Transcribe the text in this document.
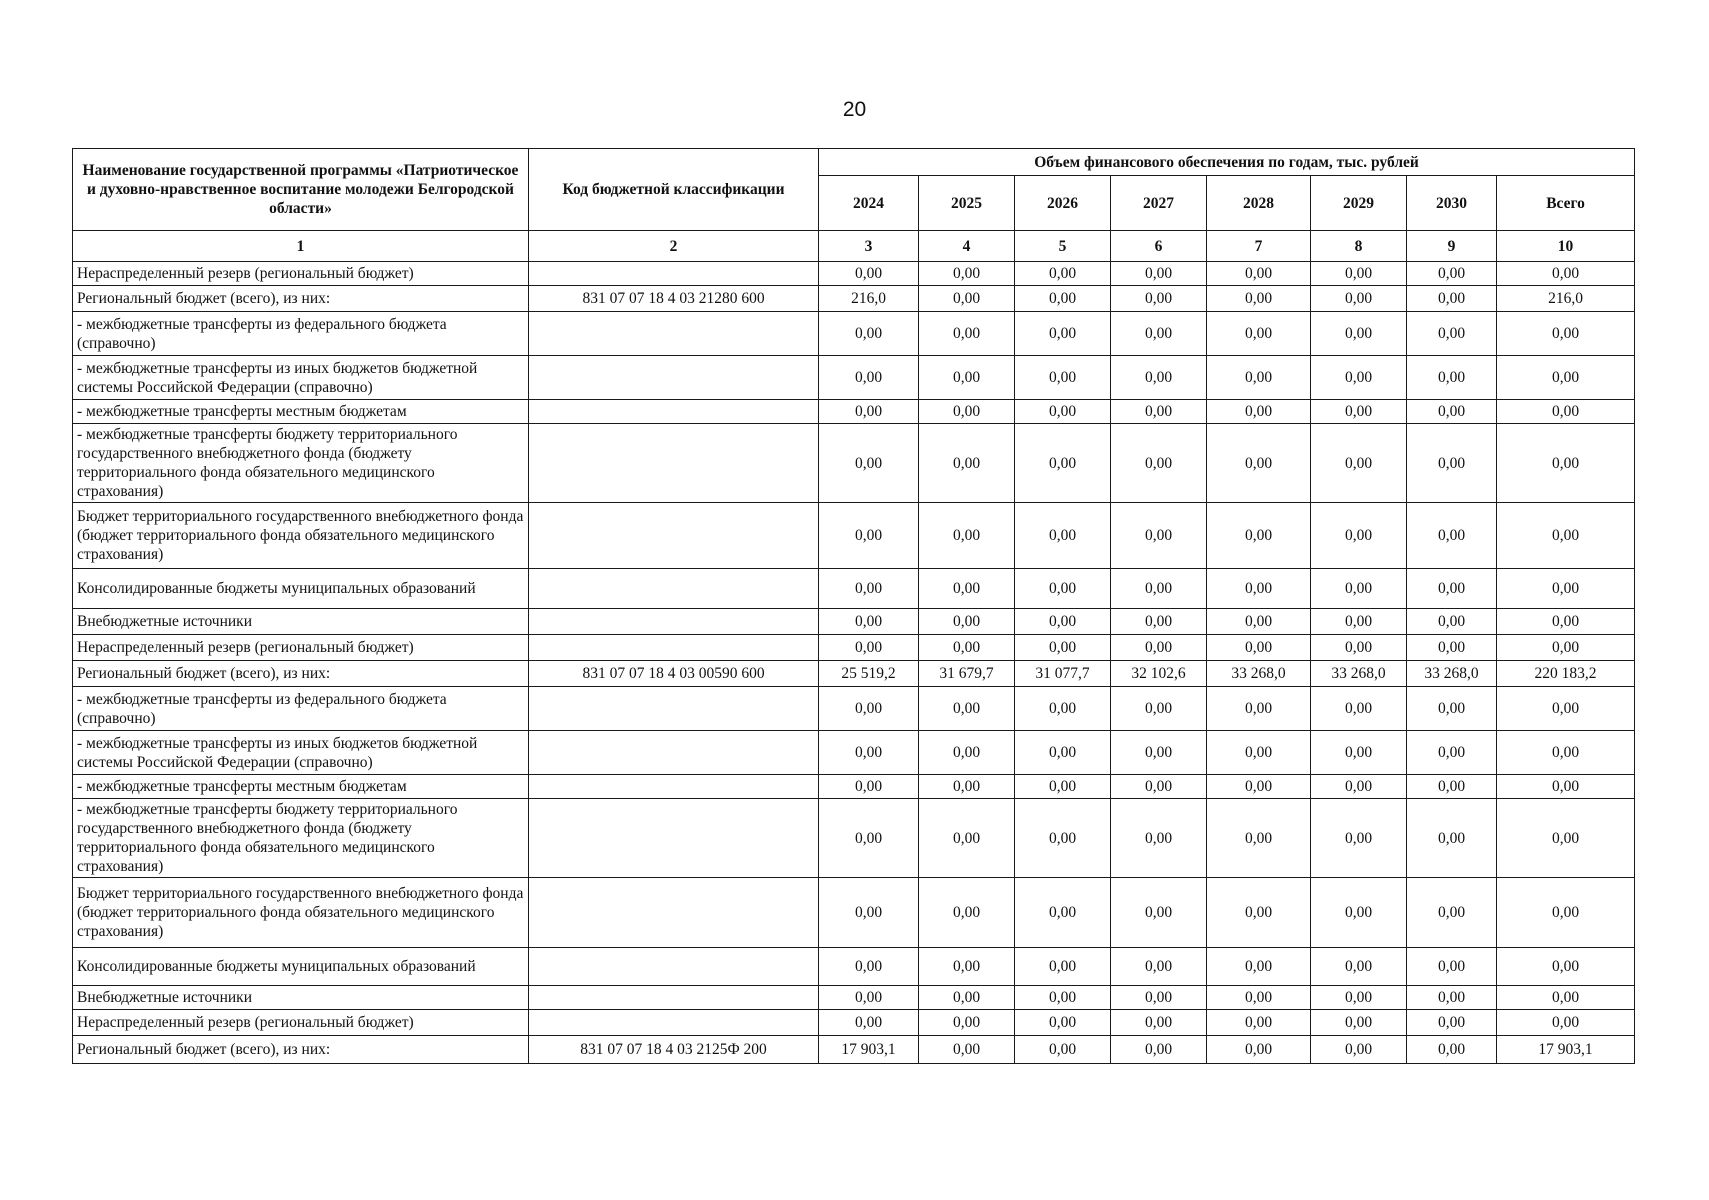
20
Наименование государственной программы «Патриотическое и духовно-нравственное воспитание молодежи Белгородской области»	Код бюджетной классификации	Объем финансового обеспечения по годам, тыс. рублей							
		2024	2025	2026	2027	2028	2029	2030	Всего
1	2	3	4	5	6	7	8	9	10
Нераспределенный резерв (региональный бюджет)		0,00	0,00	0,00	0,00	0,00	0,00	0,00	0,00
Региональный бюджет (всего), из них:	831 07 07 18 4 03 21280 600	216,0	0,00	0,00	0,00	0,00	0,00	0,00	216,0
- межбюджетные трансферты из федерального бюджета (справочно)		0,00	0,00	0,00	0,00	0,00	0,00	0,00	0,00
- межбюджетные трансферты из иных бюджетов бюджетной системы Российской Федерации (справочно)		0,00	0,00	0,00	0,00	0,00	0,00	0,00	0,00
- межбюджетные трансферты местным бюджетам		0,00	0,00	0,00	0,00	0,00	0,00	0,00	0,00
- межбюджетные трансферты бюджету территориального государственного внебюджетного фонда (бюджету территориального фонда обязательного медицинского страхования)		0,00	0,00	0,00	0,00	0,00	0,00	0,00	0,00
Бюджет территориального государственного внебюджетного фонда (бюджет территориального фонда обязательного медицинского страхования)		0,00	0,00	0,00	0,00	0,00	0,00	0,00	0,00
Консолидированные бюджеты муниципальных образований		0,00	0,00	0,00	0,00	0,00	0,00	0,00	0,00
Внебюджетные источники		0,00	0,00	0,00	0,00	0,00	0,00	0,00	0,00
Нераспределенный резерв (региональный бюджет)		0,00	0,00	0,00	0,00	0,00	0,00	0,00	0,00
Региональный бюджет (всего), из них:	831 07 07 18 4 03 00590 600	25 519,2	31 679,7	31 077,7	32 102,6	33 268,0	33 268,0	33 268,0	220 183,2
- межбюджетные трансферты из федерального бюджета (справочно)		0,00	0,00	0,00	0,00	0,00	0,00	0,00	0,00
- межбюджетные трансферты из иных бюджетов бюджетной системы Российской Федерации (справочно)		0,00	0,00	0,00	0,00	0,00	0,00	0,00	0,00
- межбюджетные трансферты местным бюджетам		0,00	0,00	0,00	0,00	0,00	0,00	0,00	0,00
- межбюджетные трансферты бюджету территориального государственного внебюджетного фонда (бюджету территориального фонда обязательного медицинского страхования)		0,00	0,00	0,00	0,00	0,00	0,00	0,00	0,00
Бюджет территориального государственного внебюджетного фонда (бюджет территориального фонда обязательного медицинского страхования)		0,00	0,00	0,00	0,00	0,00	0,00	0,00	0,00
Консолидированные бюджеты муниципальных образований		0,00	0,00	0,00	0,00	0,00	0,00	0,00	0,00
Внебюджетные источники		0,00	0,00	0,00	0,00	0,00	0,00	0,00	0,00
Нераспределенный резерв (региональный бюджет)		0,00	0,00	0,00	0,00	0,00	0,00	0,00	0,00
Региональный бюджет (всего), из них:	831 07 07 18 4 03 2125Ф 200	17 903,1	0,00	0,00	0,00	0,00	0,00	0,00	17 903,1
